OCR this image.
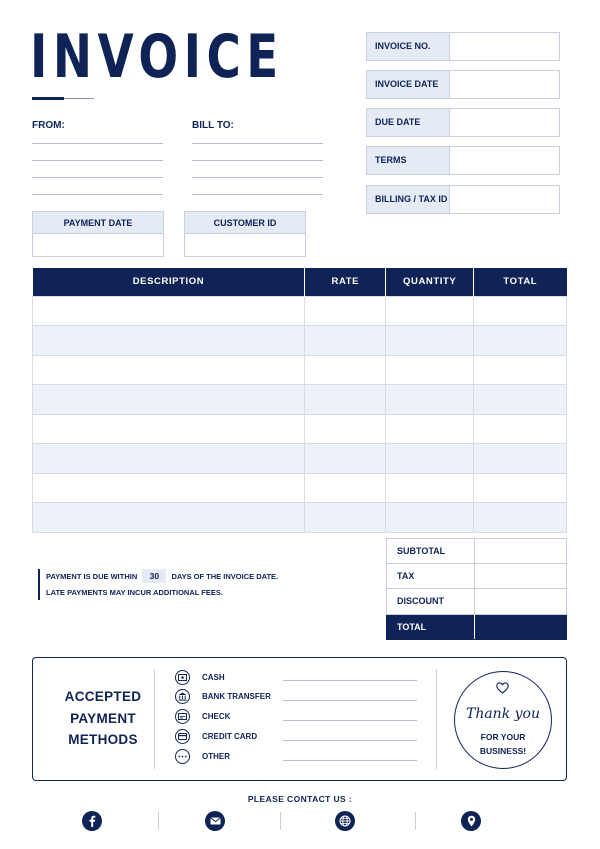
INVOICE
FROM:	BILL TO:
PAYMENT DATE	CUSTOMER ID
INVOICE NO.
INVOICE DATE
DUE DATE
TERMS
BILLING / TAX ID
DESCRIPTION	RATE	QUANTITY	TOTAL

PAYMENT IS DUE WITHIN 30 DAYS OF THE INVOICE DATE.
LATE PAYMENTS MAY INCUR ADDITIONAL FEES.
SUBTOTAL
TAX
DISCOUNT
TOTAL
ACCEPTED
PAYMENT
METHODS
CASH
BANK TRANSFER
CHECK
CREDIT CARD
OTHER
Thank you
FOR YOUR
BUSINESS!
PLEASE CONTACT US :
